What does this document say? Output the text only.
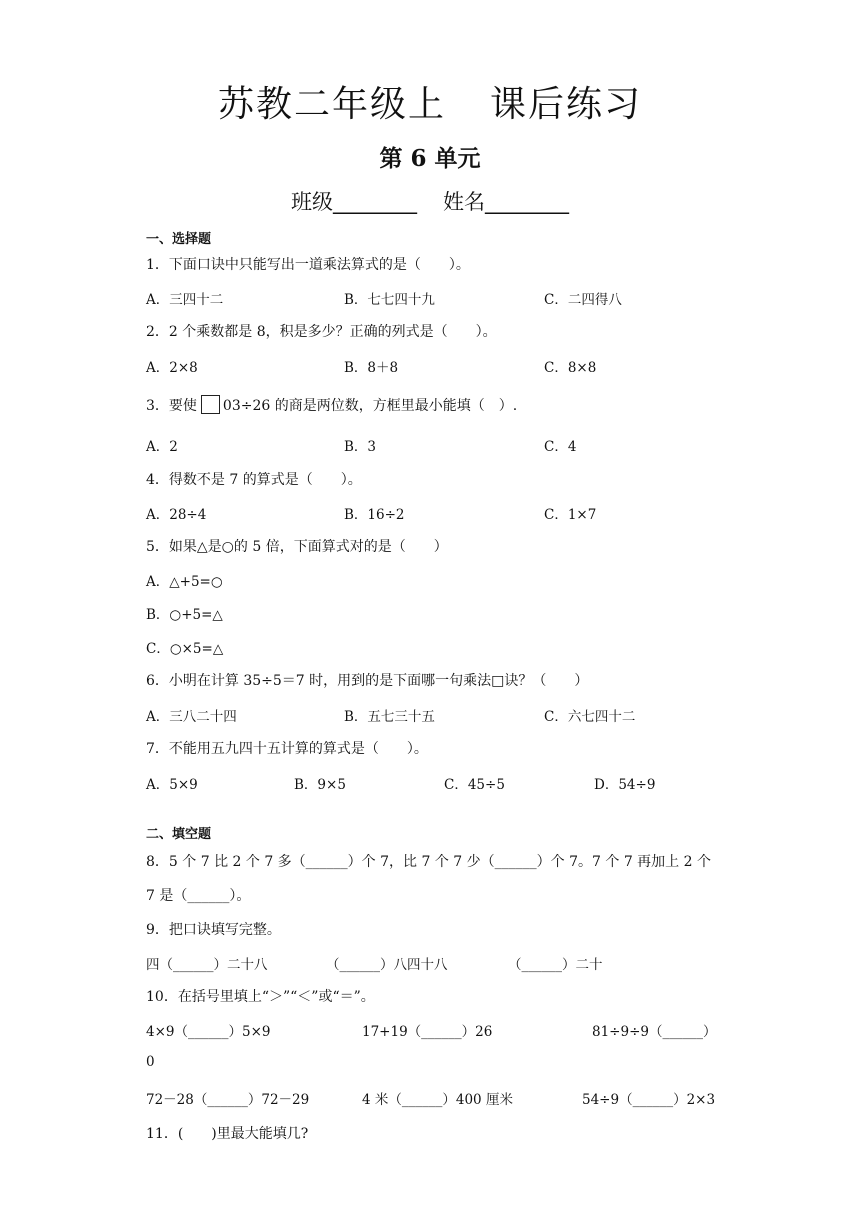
苏教二年级上 课后练习
第 6 单元
班级________ 姓名________
一、选择题
1．下面口诀中只能写出一道乘法算式的是（　　）。
A．三四十二	B．七七四十九	C．二四得八
2．2 个乘数都是 8，积是多少？正确的列式是（　　）。
A．2×8	B．8＋8	C．8×8
3．要使 03÷26 的商是两位数，方框里最小能填（　）.
A．2	B．3	C．4
4．得数不是 7 的算式是（　　）。
A．28÷4	B．16÷2	C．1×7
5．如果△是○的 5 倍，下面算式对的是（　　）
A．△+5=○
B．○+5=△
C．○×5=△
6．小明在计算 35÷5＝7 时，用到的是下面哪一句乘法□诀？（　　）
A．三八二十四	B．五七三十五	C．六七四十二
7．不能用五九四十五计算的算式是（　　）。
A．5×9	B．9×5	C．45÷5	D．54÷9
二、填空题
8．5 个 7 比 2 个 7 多（______）个 7，比 7 个 7 少（______）个 7。7 个 7 再加上 2 个
7 是（______）。
9．把口诀填写完整。
四（______）二十八	（______）八四十八	（______）二十
10．在括号里填上“＞”“＜”或“＝”。
4×9（______）5×9	17+19（______）26	81÷9÷9（______）
0
72－28（______）72－29	4 米（______）400 厘米	54÷9（______）2×3
11．(　　)里最大能填几?
